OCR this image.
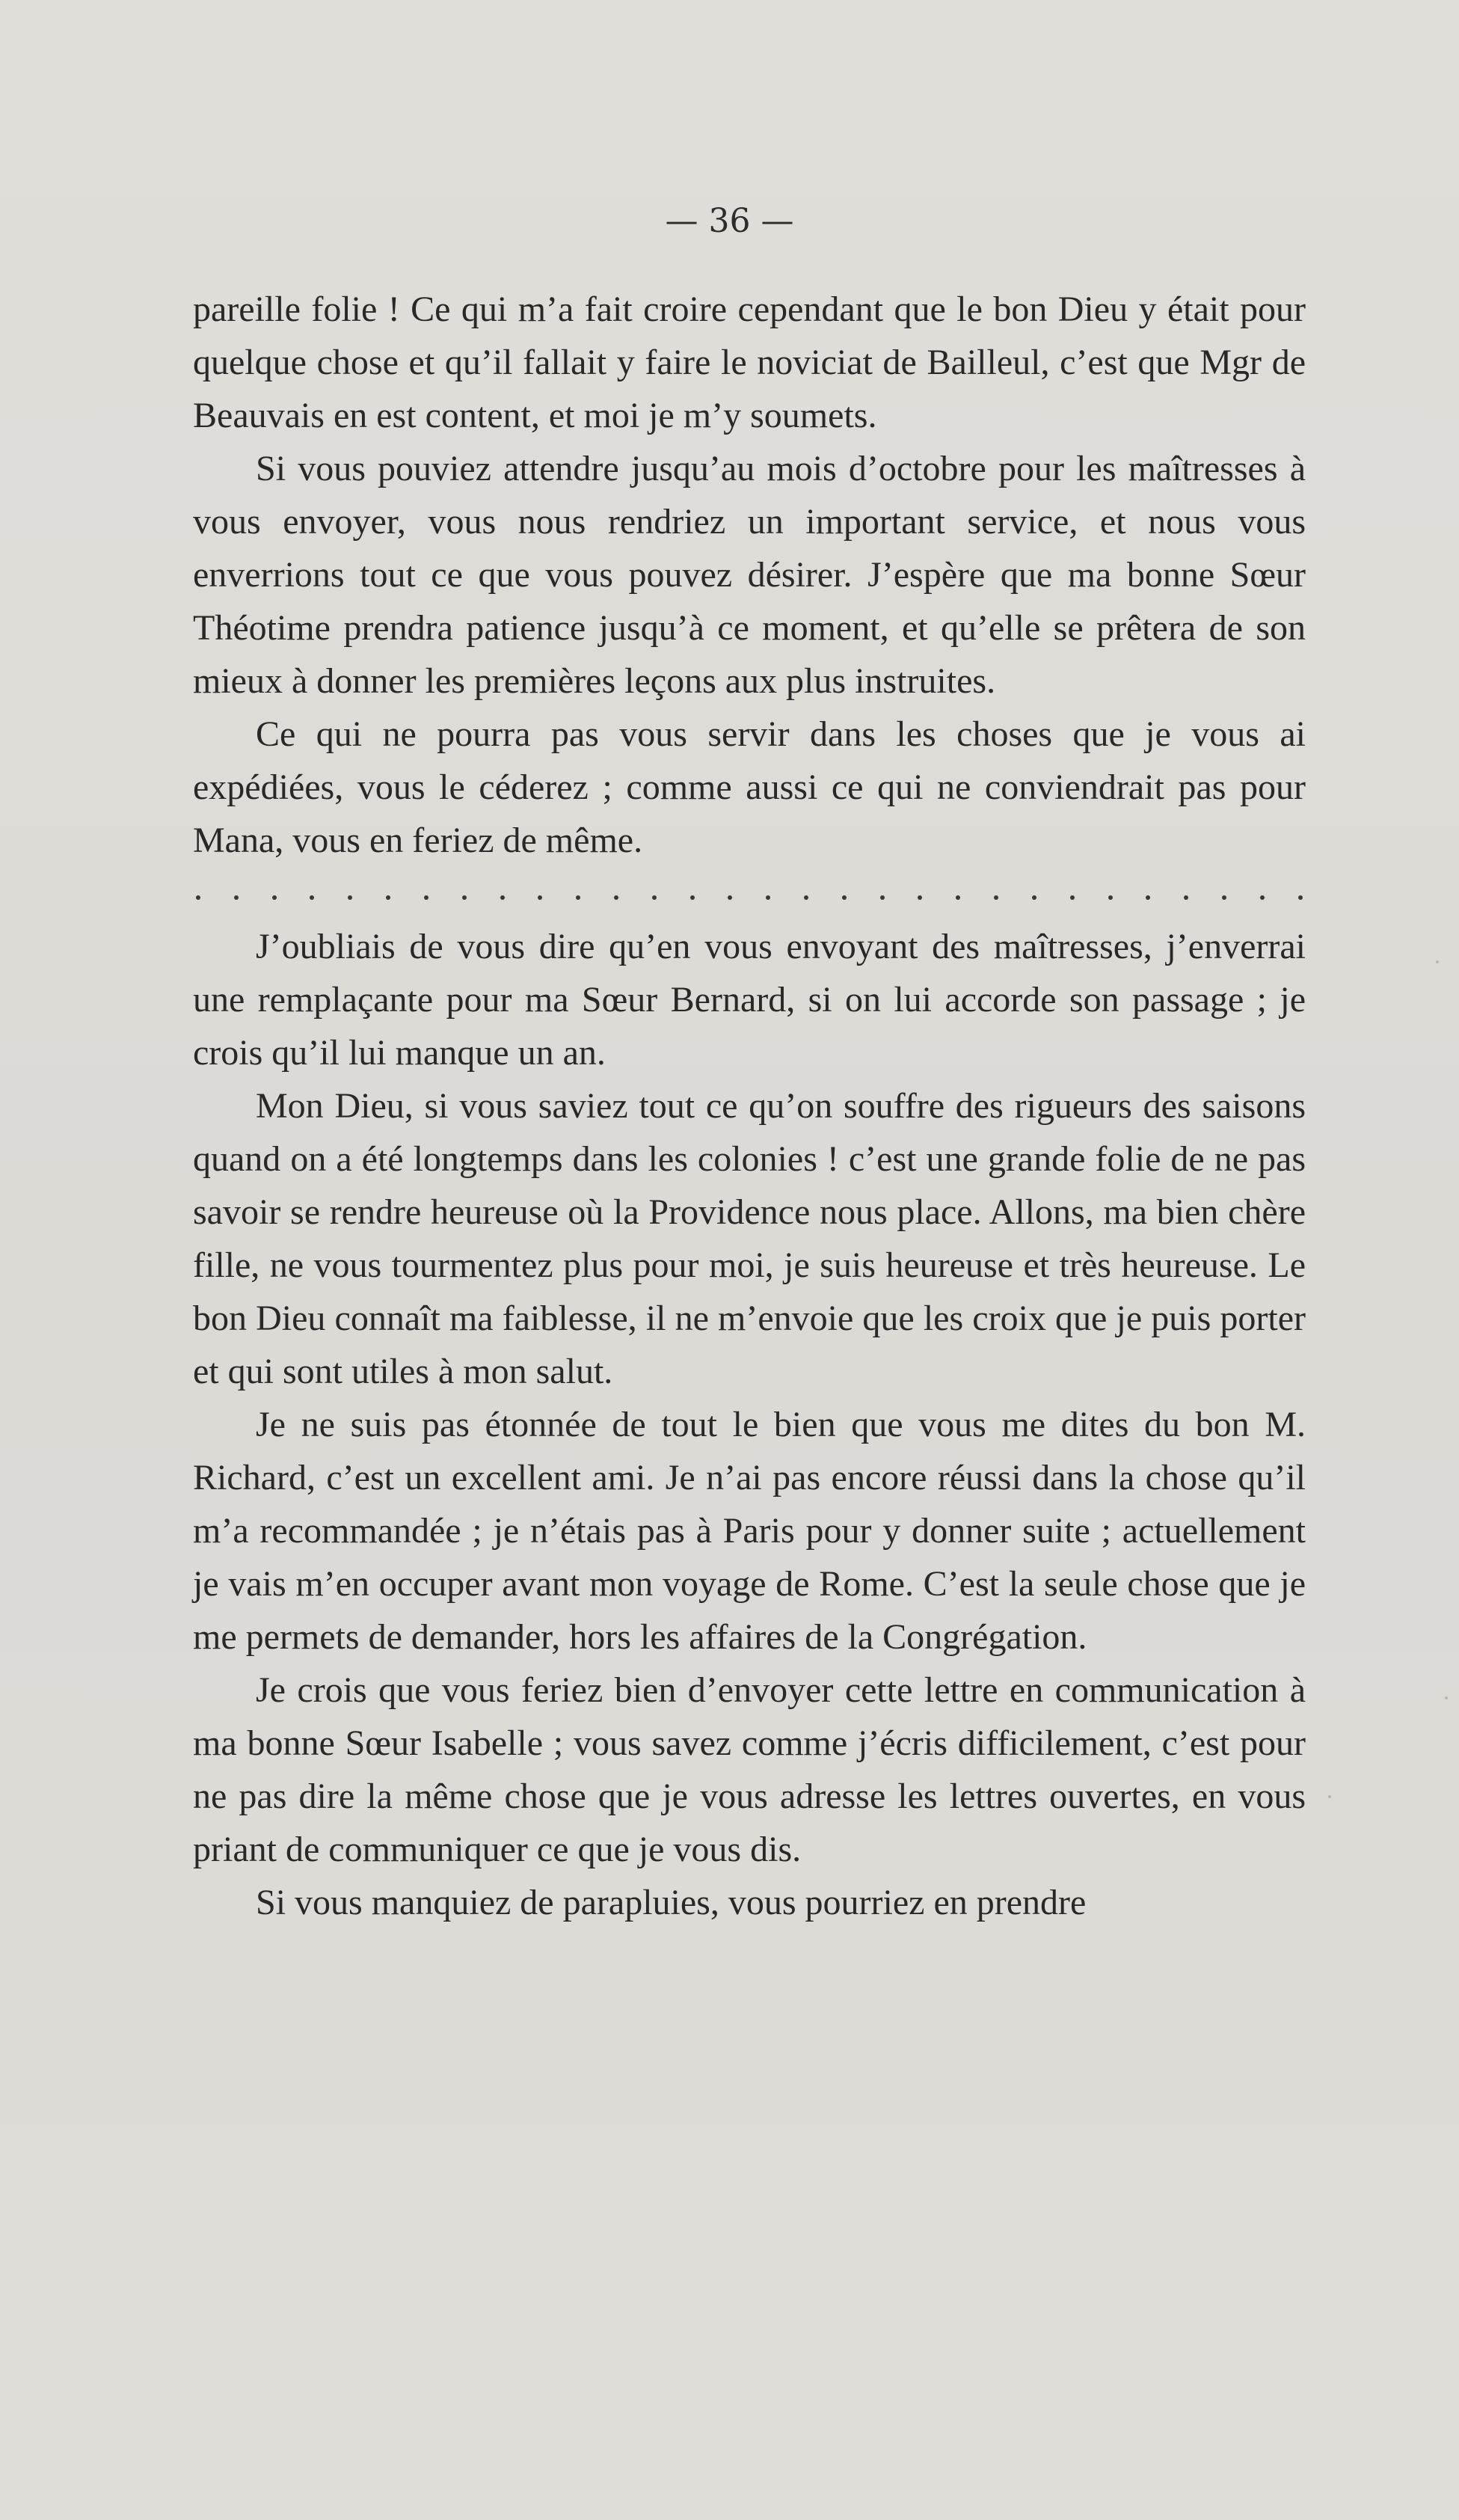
— 36 —

pareille folie ! Ce qui m’a fait croire cependant que le bon Dieu y était pour quelque chose et qu’il fallait y faire le noviciat de Bailleul, c’est que Mgr de Beauvais en est content, et moi je m’y soumets.

Si vous pouviez attendre jusqu’au mois d’octobre pour les maîtresses à vous envoyer, vous nous rendriez un important service, et nous vous enverrions tout ce que vous pouvez désirer. J’espère que ma bonne Sœur Théotime prendra patience jusqu’à ce moment, et qu’elle se prêtera de son mieux à donner les premières leçons aux plus instruites.

Ce qui ne pourra pas vous servir dans les choses que je vous ai expédiées, vous le céderez ; comme aussi ce qui ne conviendrait pas pour Mana, vous en feriez de même.

J’oubliais de vous dire qu’en vous envoyant des maîtresses, j’enverrai une remplaçante pour ma Sœur Bernard, si on lui accorde son passage ; je crois qu’il lui manque un an.

Mon Dieu, si vous saviez tout ce qu’on souffre des rigueurs des saisons quand on a été longtemps dans les colonies ! c’est une grande folie de ne pas savoir se rendre heureuse où la Providence nous place. Allons, ma bien chère fille, ne vous tourmentez plus pour moi, je suis heureuse et très heureuse. Le bon Dieu connaît ma faiblesse, il ne m’envoie que les croix que je puis porter et qui sont utiles à mon salut.

Je ne suis pas étonnée de tout le bien que vous me dites du bon M. Richard, c’est un excellent ami. Je n’ai pas encore réussi dans la chose qu’il m’a recommandée ; je n’étais pas à Paris pour y donner suite ; actuellement je vais m’en occuper avant mon voyage de Rome. C’est la seule chose que je me permets de demander, hors les affaires de la Congrégation.

Je crois que vous feriez bien d’envoyer cette lettre en communication à ma bonne Sœur Isabelle ; vous savez comme j’écris difficilement, c’est pour ne pas dire la même chose que je vous adresse les lettres ouvertes, en vous priant de communiquer ce que je vous dis.

Si vous manquiez de parapluies, vous pourriez en prendre
